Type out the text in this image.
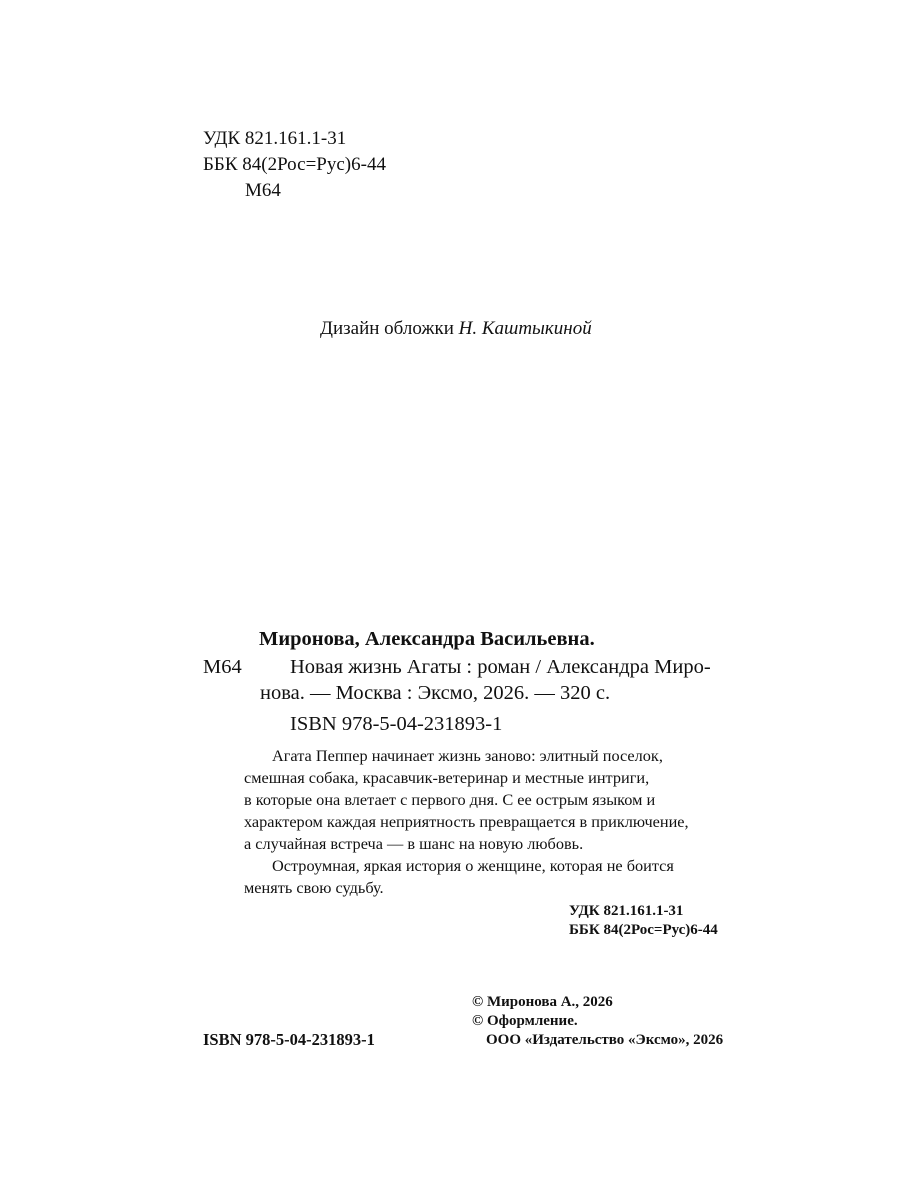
УДК 821.161.1-31
ББК 84(2Рос=Рус)6-44
М64
Дизайн обложки Н. Каштыкиной
Миронова, Александра Васильевна.
М64 Новая жизнь Агаты : роман / Александра Миро-
нова. — Москва : Эксмо, 2026. — 320 с.
ISBN 978-5-04-231893-1
Агата Пеппер начинает жизнь заново: элитный поселок,
смешная собака, красавчик-ветеринар и местные интриги,
в которые она влетает с первого дня. С ее острым языком и
характером каждая неприятность превращается в приключение,
а случайная встреча — в шанс на новую любовь.
Остроумная, яркая история о женщине, которая не боится
менять свою судьбу.
УДК 821.161.1-31
ББК 84(2Рос=Рус)6-44
© Миронова А., 2026
© Оформление.
ООО «Издательство «Эксмо», 2026
ISBN 978-5-04-231893-1
